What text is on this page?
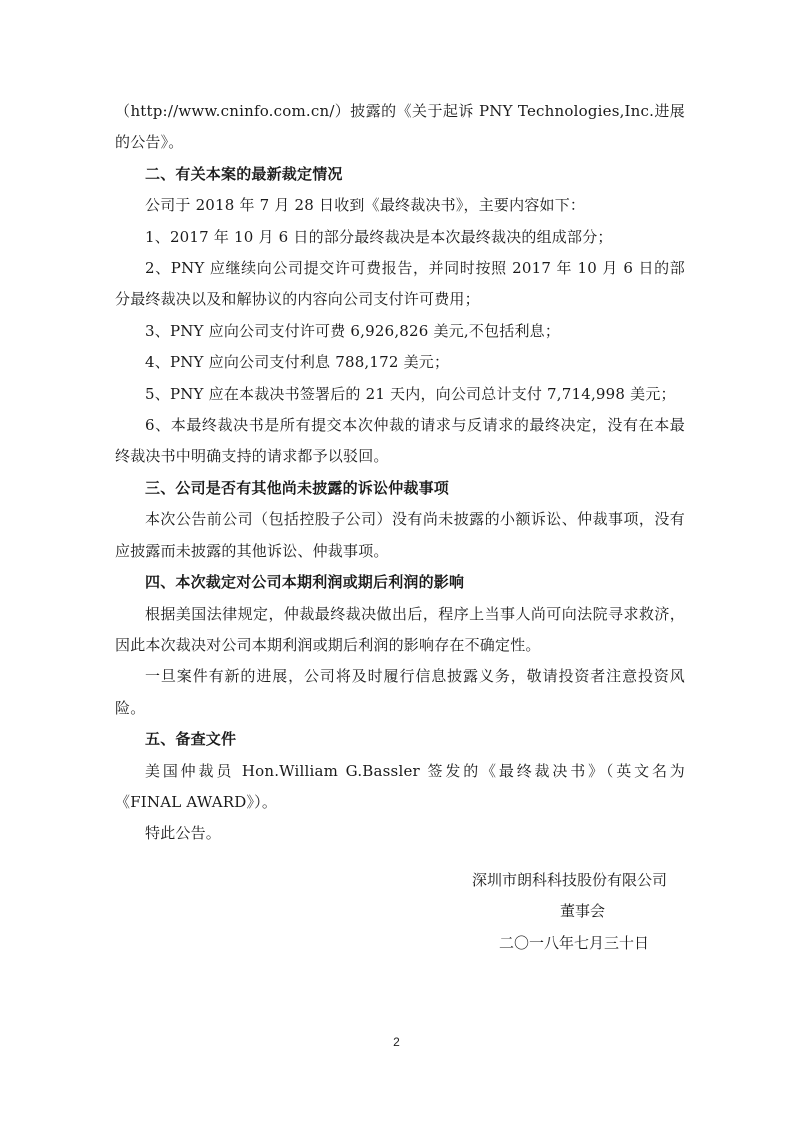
（http://www.cninfo.com.cn/）披露的《关于起诉 PNY Technologies,Inc.进展的公告》。

二、有关本案的最新裁定情况

公司于 2018 年 7 月 28 日收到《最终裁决书》，主要内容如下：

1、2017 年 10 月 6 日的部分最终裁决是本次最终裁决的组成部分；

2、PNY 应继续向公司提交许可费报告，并同时按照 2017 年 10 月 6 日的部分最终裁决以及和解协议的内容向公司支付许可费用；

3、PNY 应向公司支付许可费 6,926,826 美元,不包括利息；

4、PNY 应向公司支付利息 788,172 美元；

5、PNY 应在本裁决书签署后的 21 天内，向公司总计支付 7,714,998 美元；

6、本最终裁决书是所有提交本次仲裁的请求与反请求的最终决定，没有在本最终裁决书中明确支持的请求都予以驳回。

三、公司是否有其他尚未披露的诉讼仲裁事项

本次公告前公司（包括控股子公司）没有尚未披露的小额诉讼、仲裁事项，没有应披露而未披露的其他诉讼、仲裁事项。

四、本次裁定对公司本期利润或期后利润的影响

根据美国法律规定，仲裁最终裁决做出后，程序上当事人尚可向法院寻求救济，因此本次裁决对公司本期利润或期后利润的影响存在不确定性。

一旦案件有新的进展，公司将及时履行信息披露义务，敬请投资者注意投资风险。

五、备查文件

美国仲裁员 Hon.William G.Bassler 签发的《最终裁决书》（英文名为《FINAL AWARD》）。

特此公告。

深圳市朗科科技股份有限公司
董事会
二〇一八年七月三十日
2
